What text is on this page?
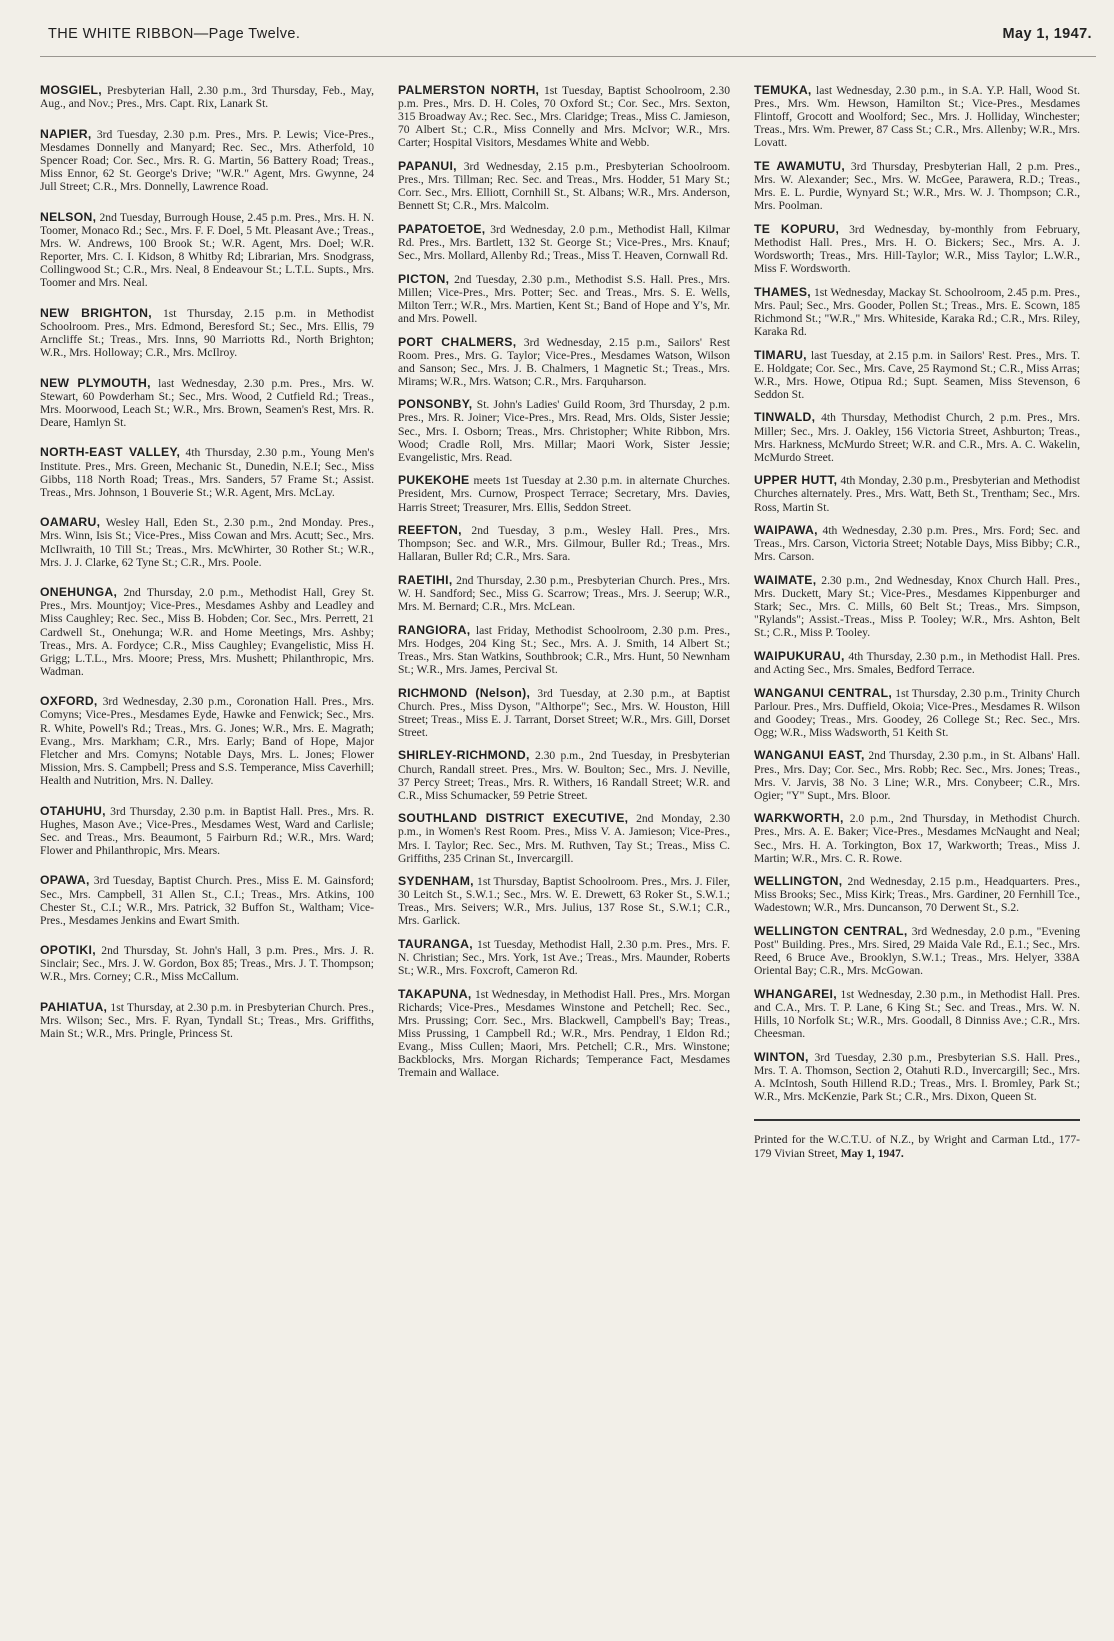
THE WHITE RIBBON—Page Twelve.	May 1, 1947.

MOSGIEL, Presbyterian Hall, 2.30 p.m., 3rd Thursday, Feb., May, Aug., and Nov.; Pres., Mrs. Capt. Rix, Lanark St.

NAPIER, 3rd Tuesday, 2.30 p.m. Pres., Mrs. P. Lewis; Vice-Pres., Mesdames Donnelly and Manyard; Rec. Sec., Mrs. Atherfold, 10 Spencer Road; Cor. Sec., Mrs. R. G. Martin, 56 Battery Road; Treas., Miss Ennor, 62 St. George's Drive; "W.R." Agent, Mrs. Gwynne, 24 Jull Street; C.R., Mrs. Donnelly, Lawrence Road.

NELSON, 2nd Tuesday, Burrough House, 2.45 p.m. Pres., Mrs. H. N. Toomer, Monaco Rd.; Sec., Mrs. F. F. Doel, 5 Mt. Pleasant Ave.; Treas., Mrs. W. Andrews, 100 Brook St.; W.R. Agent, Mrs. Doel; W.R. Reporter, Mrs. C. I. Kidson, 8 Whitby Rd; Librarian, Mrs. Snodgrass, Collingwood St.; C.R., Mrs. Neal, 8 Endeavour St.; L.T.L. Supts., Mrs. Toomer and Mrs. Neal.

NEW BRIGHTON, 1st Thursday, 2.15 p.m. in Methodist Schoolroom. Pres., Mrs. Edmond, Beresford St.; Sec., Mrs. Ellis, 79 Arncliffe St.; Treas., Mrs. Inns, 90 Marriotts Rd., North Brighton; W.R., Mrs. Holloway; C.R., Mrs. McIlroy.

NEW PLYMOUTH, last Wednesday, 2.30 p.m. Pres., Mrs. W. Stewart, 60 Powderham St.; Sec., Mrs. Wood, 2 Cutfield Rd.; Treas., Mrs. Moorwood, Leach St.; W.R., Mrs. Brown, Seamen's Rest, Mrs. R. Deare, Hamlyn St.

NORTH-EAST VALLEY, 4th Thursday, 2.30 p.m., Young Men's Institute. Pres., Mrs. Green, Mechanic St., Dunedin, N.E.I; Sec., Miss Gibbs, 118 North Road; Treas., Mrs. Sanders, 57 Frame St.; Assist. Treas., Mrs. Johnson, 1 Bouverie St.; W.R. Agent, Mrs. McLay.

OAMARU, Wesley Hall, Eden St., 2.30 p.m., 2nd Monday. Pres., Mrs. Winn, Isis St.; Vice-Pres., Miss Cowan and Mrs. Acutt; Sec., Mrs. McIlwraith, 10 Till St.; Treas., Mrs. McWhirter, 30 Rother St.; W.R., Mrs. J. J. Clarke, 62 Tyne St.; C.R., Mrs. Poole.

ONEHUNGA, 2nd Thursday, 2.0 p.m., Methodist Hall, Grey St. Pres., Mrs. Mountjoy; Vice-Pres., Mesdames Ashby and Leadley and Miss Caughley; Rec. Sec., Miss B. Hobden; Cor. Sec., Mrs. Perrett, 21 Cardwell St., Onehunga; W.R. and Home Meetings, Mrs. Ashby; Treas., Mrs. A. Fordyce; C.R., Miss Caughley; Evangelistic, Miss H. Grigg; L.T.L., Mrs. Moore; Press, Mrs. Mushett; Philanthropic, Mrs. Wadman.

OXFORD, 3rd Wednesday, 2.30 p.m., Coronation Hall. Pres., Mrs. Comyns; Vice-Pres., Mesdames Eyde, Hawke and Fenwick; Sec., Mrs. R. White, Powell's Rd.; Treas., Mrs. G. Jones; W.R., Mrs. E. Magrath; Evang., Mrs. Markham; C.R., Mrs. Early; Band of Hope, Major Fletcher and Mrs. Comyns; Notable Days, Mrs. L. Jones; Flower Mission, Mrs. S. Campbell; Press and S.S. Temperance, Miss Caverhill; Health and Nutrition, Mrs. N. Dalley.

OTAHUHU, 3rd Thursday, 2.30 p.m. in Baptist Hall. Pres., Mrs. R. Hughes, Mason Ave.; Vice-Pres., Mesdames West, Ward and Carlisle; Sec. and Treas., Mrs. Beaumont, 5 Fairburn Rd.; W.R., Mrs. Ward; Flower and Philanthropic, Mrs. Mears.

OPAWA, 3rd Tuesday, Baptist Church. Pres., Miss E. M. Gainsford; Sec., Mrs. Campbell, 31 Allen St., C.I.; Treas., Mrs. Atkins, 100 Chester St., C.I.; W.R., Mrs. Patrick, 32 Buffon St., Waltham; Vice-Pres., Mesdames Jenkins and Ewart Smith.

OPOTIKI, 2nd Thursday, St. John's Hall, 3 p.m. Pres., Mrs. J. R. Sinclair; Sec., Mrs. J. W. Gordon, Box 85; Treas., Mrs. J. T. Thompson; W.R., Mrs. Corney; C.R., Miss McCallum.

PAHIATUA, 1st Thursday, at 2.30 p.m. in Presbyterian Church. Pres., Mrs. Wilson; Sec., Mrs. F. Ryan, Tyndall St.; Treas., Mrs. Griffiths, Main St.; W.R., Mrs. Pringle, Princess St.

PALMERSTON NORTH, 1st Tuesday, Baptist Schoolroom, 2.30 p.m. Pres., Mrs. D. H. Coles, 70 Oxford St.; Cor. Sec., Mrs. Sexton, 315 Broadway Av.; Rec. Sec., Mrs. Claridge; Treas., Miss C. Jamieson, 70 Albert St.; C.R., Miss Connelly and Mrs. McIvor; W.R., Mrs. Carter; Hospital Visitors, Mesdames White and Webb.

PAPANUI, 3rd Wednesday, 2.15 p.m., Presbyterian Schoolroom. Pres., Mrs. Tillman; Rec. Sec. and Treas., Mrs. Hodder, 51 Mary St.; Corr. Sec., Mrs. Elliott, Cornhill St., St. Albans; W.R., Mrs. Anderson, Bennett St; C.R., Mrs. Malcolm.

PAPATOETOE, 3rd Wednesday, 2.0 p.m., Methodist Hall, Kilmar Rd. Pres., Mrs. Bartlett, 132 St. George St.; Vice-Pres., Mrs. Knauf; Sec., Mrs. Mollard, Allenby Rd.; Treas., Miss T. Heaven, Cornwall Rd.

PICTON, 2nd Tuesday, 2.30 p.m., Methodist S.S. Hall. Pres., Mrs. Millen; Vice-Pres., Mrs. Potter; Sec. and Treas., Mrs. S. E. Wells, Milton Terr.; W.R., Mrs. Martien, Kent St.; Band of Hope and Y's, Mr. and Mrs. Powell.

PORT CHALMERS, 3rd Wednesday, 2.15 p.m., Sailors' Rest Room. Pres., Mrs. G. Taylor; Vice-Pres., Mesdames Watson, Wilson and Sanson; Sec., Mrs. J. B. Chalmers, 1 Magnetic St.; Treas., Mrs. Mirams; W.R., Mrs. Watson; C.R., Mrs. Farquharson.

PONSONBY, St. John's Ladies' Guild Room, 3rd Thursday, 2 p.m. Pres., Mrs. R. Joiner; Vice-Pres., Mrs. Read, Mrs. Olds, Sister Jessie; Sec., Mrs. I. Osborn; Treas., Mrs. Christopher; White Ribbon, Mrs. Wood; Cradle Roll, Mrs. Millar; Maori Work, Sister Jessie; Evangelistic, Mrs. Read.

PUKEKOHE meets 1st Tuesday at 2.30 p.m. in alternate Churches. President, Mrs. Curnow, Prospect Terrace; Secretary, Mrs. Davies, Harris Street; Treasurer, Mrs. Ellis, Seddon Street.

REEFTON, 2nd Tuesday, 3 p.m., Wesley Hall. Pres., Mrs. Thompson; Sec. and W.R., Mrs. Gilmour, Buller Rd.; Treas., Mrs. Hallaran, Buller Rd; C.R., Mrs. Sara.

RAETIHI, 2nd Thursday, 2.30 p.m., Presbyterian Church. Pres., Mrs. W. H. Sandford; Sec., Miss G. Scarrow; Treas., Mrs. J. Seerup; W.R., Mrs. M. Bernard; C.R., Mrs. McLean.

RANGIORA, last Friday, Methodist Schoolroom, 2.30 p.m. Pres., Mrs. Hodges, 204 King St.; Sec., Mrs. A. J. Smith, 14 Albert St.; Treas., Mrs. Stan Watkins, Southbrook; C.R., Mrs. Hunt, 50 Newnham St.; W.R., Mrs. James, Percival St.

RICHMOND (Nelson), 3rd Tuesday, at 2.30 p.m., at Baptist Church. Pres., Miss Dyson, "Althorpe"; Sec., Mrs. W. Houston, Hill Street; Treas., Miss E. J. Tarrant, Dorset Street; W.R., Mrs. Gill, Dorset Street.

SHIRLEY-RICHMOND, 2.30 p.m., 2nd Tuesday, in Presbyterian Church, Randall street. Pres., Mrs. W. Boulton; Sec., Mrs. J. Neville, 37 Percy Street; Treas., Mrs. R. Withers, 16 Randall Street; W.R. and C.R., Miss Schumacker, 59 Petrie Street.

SOUTHLAND DISTRICT EXECUTIVE, 2nd Monday, 2.30 p.m., in Women's Rest Room. Pres., Miss V. A. Jamieson; Vice-Pres., Mrs. I. Taylor; Rec. Sec., Mrs. M. Ruthven, Tay St.; Treas., Miss C. Griffiths, 235 Crinan St., Invercargill.

SYDENHAM, 1st Thursday, Baptist Schoolroom. Pres., Mrs. J. Filer, 30 Leitch St., S.W.1.; Sec., Mrs. W. E. Drewett, 63 Roker St., S.W.1.; Treas., Mrs. Seivers; W.R., Mrs. Julius, 137 Rose St., S.W.1; C.R., Mrs. Garlick.

TAURANGA, 1st Tuesday, Methodist Hall, 2.30 p.m. Pres., Mrs. F. N. Christian; Sec., Mrs. York, 1st Ave.; Treas., Mrs. Maunder, Roberts St.; W.R., Mrs. Foxcroft, Cameron Rd.

TAKAPUNA, 1st Wednesday, in Methodist Hall. Pres., Mrs. Morgan Richards; Vice-Pres., Mesdames Winstone and Petchell; Rec. Sec., Mrs. Prussing; Corr. Sec., Mrs. Blackwell, Campbell's Bay; Treas., Miss Prussing, 1 Campbell Rd.; W.R., Mrs. Pendray, 1 Eldon Rd.; Evang., Miss Cullen; Maori, Mrs. Petchell; C.R., Mrs. Winstone; Backblocks, Mrs. Morgan Richards; Temperance Fact, Mesdames Tremain and Wallace.

TEMUKA, last Wednesday, 2.30 p.m., in S.A. Y.P. Hall, Wood St. Pres., Mrs. Wm. Hewson, Hamilton St.; Vice-Pres., Mesdames Flintoff, Grocott and Woolford; Sec., Mrs. J. Holliday, Winchester; Treas., Mrs. Wm. Prewer, 87 Cass St.; C.R., Mrs. Allenby; W.R., Mrs. Lovatt.

TE AWAMUTU, 3rd Thursday, Presbyterian Hall, 2 p.m. Pres., Mrs. W. Alexander; Sec., Mrs. W. McGee, Parawera, R.D.; Treas., Mrs. E. L. Purdie, Wynyard St.; W.R., Mrs. W. J. Thompson; C.R., Mrs. Poolman.

TE KOPURU, 3rd Wednesday, by-monthly from February, Methodist Hall. Pres., Mrs. H. O. Bickers; Sec., Mrs. A. J. Wordsworth; Treas., Mrs. Hill-Taylor; W.R., Miss Taylor; L.W.R., Miss F. Wordsworth.

THAMES, 1st Wednesday, Mackay St. Schoolroom, 2.45 p.m. Pres., Mrs. Paul; Sec., Mrs. Gooder, Pollen St.; Treas., Mrs. E. Scown, 185 Richmond St.; "W.R.," Mrs. Whiteside, Karaka Rd.; C.R., Mrs. Riley, Karaka Rd.

TIMARU, last Tuesday, at 2.15 p.m. in Sailors' Rest. Pres., Mrs. T. E. Holdgate; Cor. Sec., Mrs. Cave, 25 Raymond St.; C.R., Miss Arras; W.R., Mrs. Howe, Otipua Rd.; Supt. Seamen, Miss Stevenson, 6 Seddon St.

TINWALD, 4th Thursday, Methodist Church, 2 p.m. Pres., Mrs. Miller; Sec., Mrs. J. Oakley, 156 Victoria Street, Ashburton; Treas., Mrs. Harkness, McMurdo Street; W.R. and C.R., Mrs. A. C. Wakelin, McMurdo Street.

UPPER HUTT, 4th Monday, 2.30 p.m., Presbyterian and Methodist Churches alternately. Pres., Mrs. Watt, Beth St., Trentham; Sec., Mrs. Ross, Martin St.

WAIPAWA, 4th Wednesday, 2.30 p.m. Pres., Mrs. Ford; Sec. and Treas., Mrs. Carson, Victoria Street; Notable Days, Miss Bibby; C.R., Mrs. Carson.

WAIMATE, 2.30 p.m., 2nd Wednesday, Knox Church Hall. Pres., Mrs. Duckett, Mary St.; Vice-Pres., Mesdames Kippenburger and Stark; Sec., Mrs. C. Mills, 60 Belt St.; Treas., Mrs. Simpson, "Rylands"; Assist.-Treas., Miss P. Tooley; W.R., Mrs. Ashton, Belt St.; C.R., Miss P. Tooley.

WAIPUKURAU, 4th Thursday, 2.30 p.m., in Methodist Hall. Pres. and Acting Sec., Mrs. Smales, Bedford Terrace.

WANGANUI CENTRAL, 1st Thursday, 2.30 p.m., Trinity Church Parlour. Pres., Mrs. Duffield, Okoia; Vice-Pres., Mesdames R. Wilson and Goodey; Treas., Mrs. Goodey, 26 College St.; Rec. Sec., Mrs. Ogg; W.R., Miss Wadsworth, 51 Keith St.

WANGANUI EAST, 2nd Thursday, 2.30 p.m., in St. Albans' Hall. Pres., Mrs. Day; Cor. Sec., Mrs. Robb; Rec. Sec., Mrs. Jones; Treas., Mrs. V. Jarvis, 38 No. 3 Line; W.R., Mrs. Conybeer; C.R., Mrs. Ogier; "Y" Supt., Mrs. Bloor.

WARKWORTH, 2.0 p.m., 2nd Thursday, in Methodist Church. Pres., Mrs. A. E. Baker; Vice-Pres., Mesdames McNaught and Neal; Sec., Mrs. H. A. Torkington, Box 17, Warkworth; Treas., Miss J. Martin; W.R., Mrs. C. R. Rowe.

WELLINGTON, 2nd Wednesday, 2.15 p.m., Headquarters. Pres., Miss Brooks; Sec., Miss Kirk; Treas., Mrs. Gardiner, 20 Fernhill Tce., Wadestown; W.R., Mrs. Duncanson, 70 Derwent St., S.2.

WELLINGTON CENTRAL, 3rd Wednesday, 2.0 p.m., "Evening Post" Building. Pres., Mrs. Sired, 29 Maida Vale Rd., E.1.; Sec., Mrs. Reed, 6 Bruce Ave., Brooklyn, S.W.1.; Treas., Mrs. Helyer, 338A Oriental Bay; C.R., Mrs. McGowan.

WHANGAREI, 1st Wednesday, 2.30 p.m., in Methodist Hall. Pres. and C.A., Mrs. T. P. Lane, 6 King St.; Sec. and Treas., Mrs. W. N. Hills, 10 Norfolk St.; W.R., Mrs. Goodall, 8 Dinniss Ave.; C.R., Mrs. Cheesman.

WINTON, 3rd Tuesday, 2.30 p.m., Presbyterian S.S. Hall. Pres., Mrs. T. A. Thomson, Section 2, Otahuti R.D., Invercargill; Sec., Mrs. A. McIntosh, South Hillend R.D.; Treas., Mrs. I. Bromley, Park St.; W.R., Mrs. McKenzie, Park St.; C.R., Mrs. Dixon, Queen St.

Printed for the W.C.T.U. of N.Z., by Wright and Carman Ltd., 177-179 Vivian Street, May 1, 1947.
